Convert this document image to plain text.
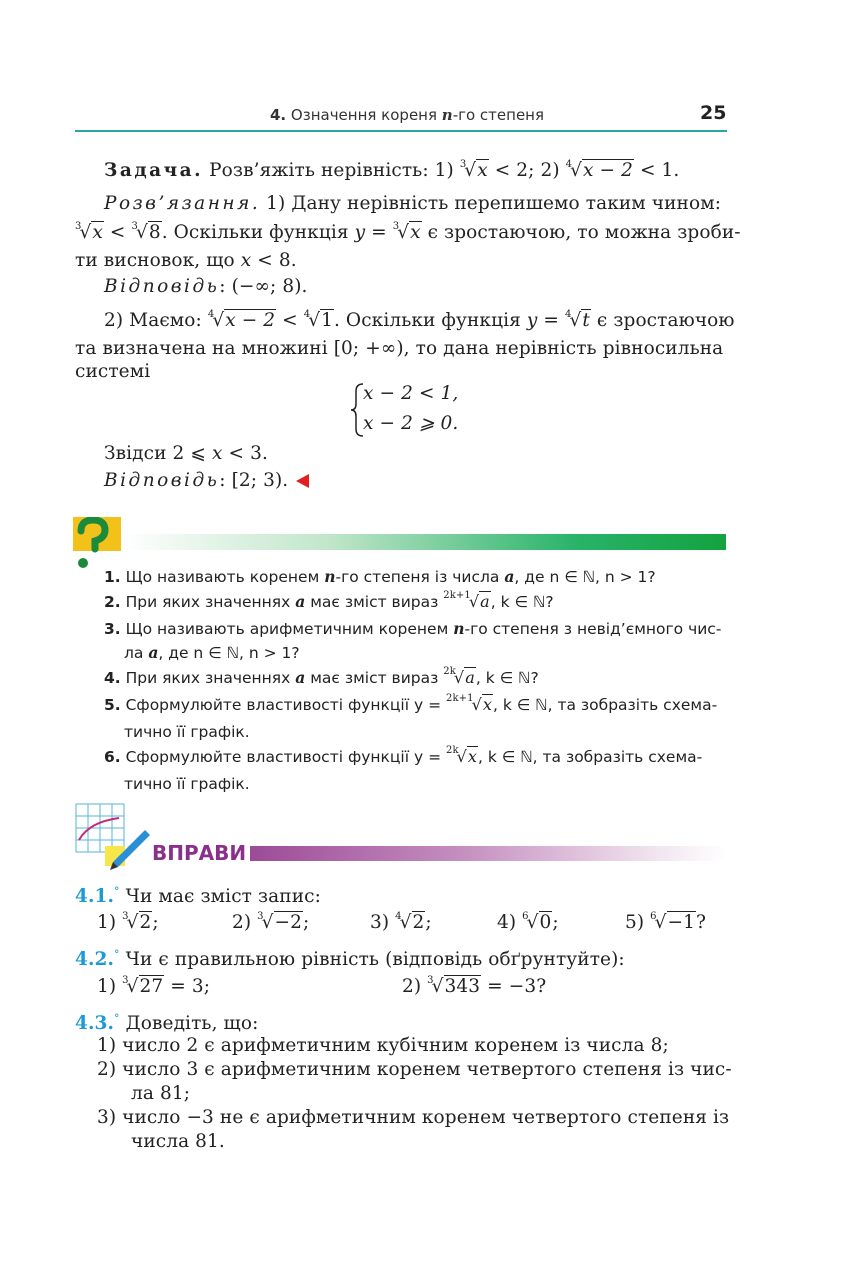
4. Означення кореня n-го степеня	25
Задача. Розв’яжіть нерівність: 1) $^3$√x < 2; 2) $^4$√x − 2 < 1.
Розв’язання. 1) Дану нерівність перепишемо таким чином:
$^3$√x < $^3$√8. Оскільки функція y = $^3$√x є зростаючою, то можна зроби-
ти висновок, що x < 8.
Відповідь: (−∞; 8).
2) Маємо: $^4$√x − 2 < $^4$√1. Оскільки функція y = $^4$√t є зростаючою
та визначена на множині [0; +∞), то дана нерівність рівносильна
системі
x − 2 < 1,
x − 2 ⩾ 0.
Звідси 2 ⩽ x < 3.
Відповідь: [2; 3).
1. Що називають коренем n-го степеня із числа a, де n ∈ ℕ, n > 1?
2. При яких значеннях a має зміст вираз $^{2k+1}$√a, k ∈ ℕ?
3. Що називають арифметичним коренем n-го степеня з невід’ємного чис-
ла a, де n ∈ ℕ, n > 1?
4. При яких значеннях a має зміст вираз $^{2k}$√a, k ∈ ℕ?
5. Сформулюйте властивості функції y = $^{2k+1}$√x, k ∈ ℕ, та зобразіть схема-
тично її графік.
6. Сформулюйте властивості функції y = $^{2k}$√x, k ∈ ℕ, та зобразіть схема-
тично її графік.
ВПРАВИ
4.1.° Чи має зміст запис:
1) $^3$√2;	2) $^3$√−2;	3) $^4$√2;	4) $^6$√0;	5) $^6$√−1?
4.2.° Чи є правильною рівність (відповідь обґрунтуйте):
1) $^3$√27 = 3;	2) $^3$√343 = −3?
4.3.° Доведіть, що:
1) число 2 є арифметичним кубічним коренем із числа 8;
2) число 3 є арифметичним коренем четвертого степеня із чис-
ла 81;
3) число −3 не є арифметичним коренем четвертого степеня із
числа 81.
